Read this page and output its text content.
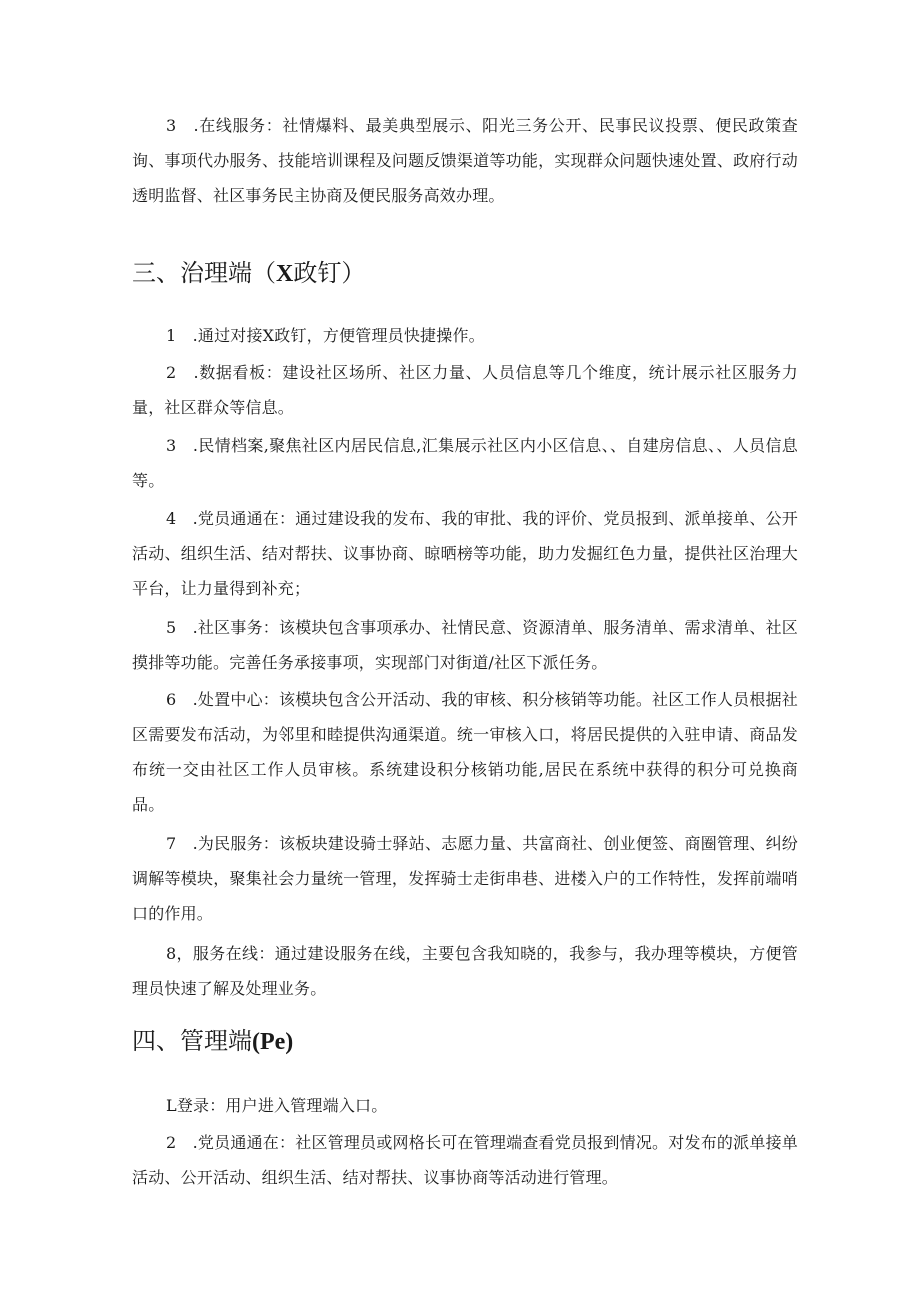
3　.在线服务：社情爆料、最美典型展示、阳光三务公开、民事民议投票、便民政策查询、事项代办服务、技能培训课程及问题反馈渠道等功能，实现群众问题快速处置、政府行动透明监督、社区事务民主协商及便民服务高效办理。

三、治理端（X政钉）

1　.通过对接X政钉，方便管理员快捷操作。

2　.数据看板：建设社区场所、社区力量、人员信息等几个维度，统计展示社区服务力量，社区群众等信息。

3　.民情档案,聚焦社区内居民信息,汇集展示社区内小区信息、、自建房信息、、人员信息等。

4　.党员通通在：通过建设我的发布、我的审批、我的评价、党员报到、派单接单、公开活动、组织生活、结对帮扶、议事协商、晾晒榜等功能，助力发掘红色力量，提供社区治理大平台，让力量得到补充；

5　.社区事务：该模块包含事项承办、社情民意、资源清单、服务清单、需求清单、社区摸排等功能。完善任务承接事项，实现部门对街道/社区下派任务。

6　.处置中心：该模块包含公开活动、我的审核、积分核销等功能。社区工作人员根据社区需要发布活动，为邻里和睦提供沟通渠道。统一审核入口，将居民提供的入驻申请、商品发布统一交由社区工作人员审核。系统建设积分核销功能,居民在系统中获得的积分可兑换商品。

7　.为民服务：该板块建设骑士驿站、志愿力量、共富商社、创业便签、商圈管理、纠纷调解等模块，聚集社会力量统一管理，发挥骑士走街串巷、进楼入户的工作特性，发挥前端哨口的作用。

8，服务在线：通过建设服务在线，主要包含我知晓的，我参与，我办理等模块，方便管理员快速了解及处理业务。

四、管理端(Pe)

L登录：用户进入管理端入口。

2　.党员通通在：社区管理员或网格长可在管理端查看党员报到情况。对发布的派单接单活动、公开活动、组织生活、结对帮扶、议事协商等活动进行管理。
